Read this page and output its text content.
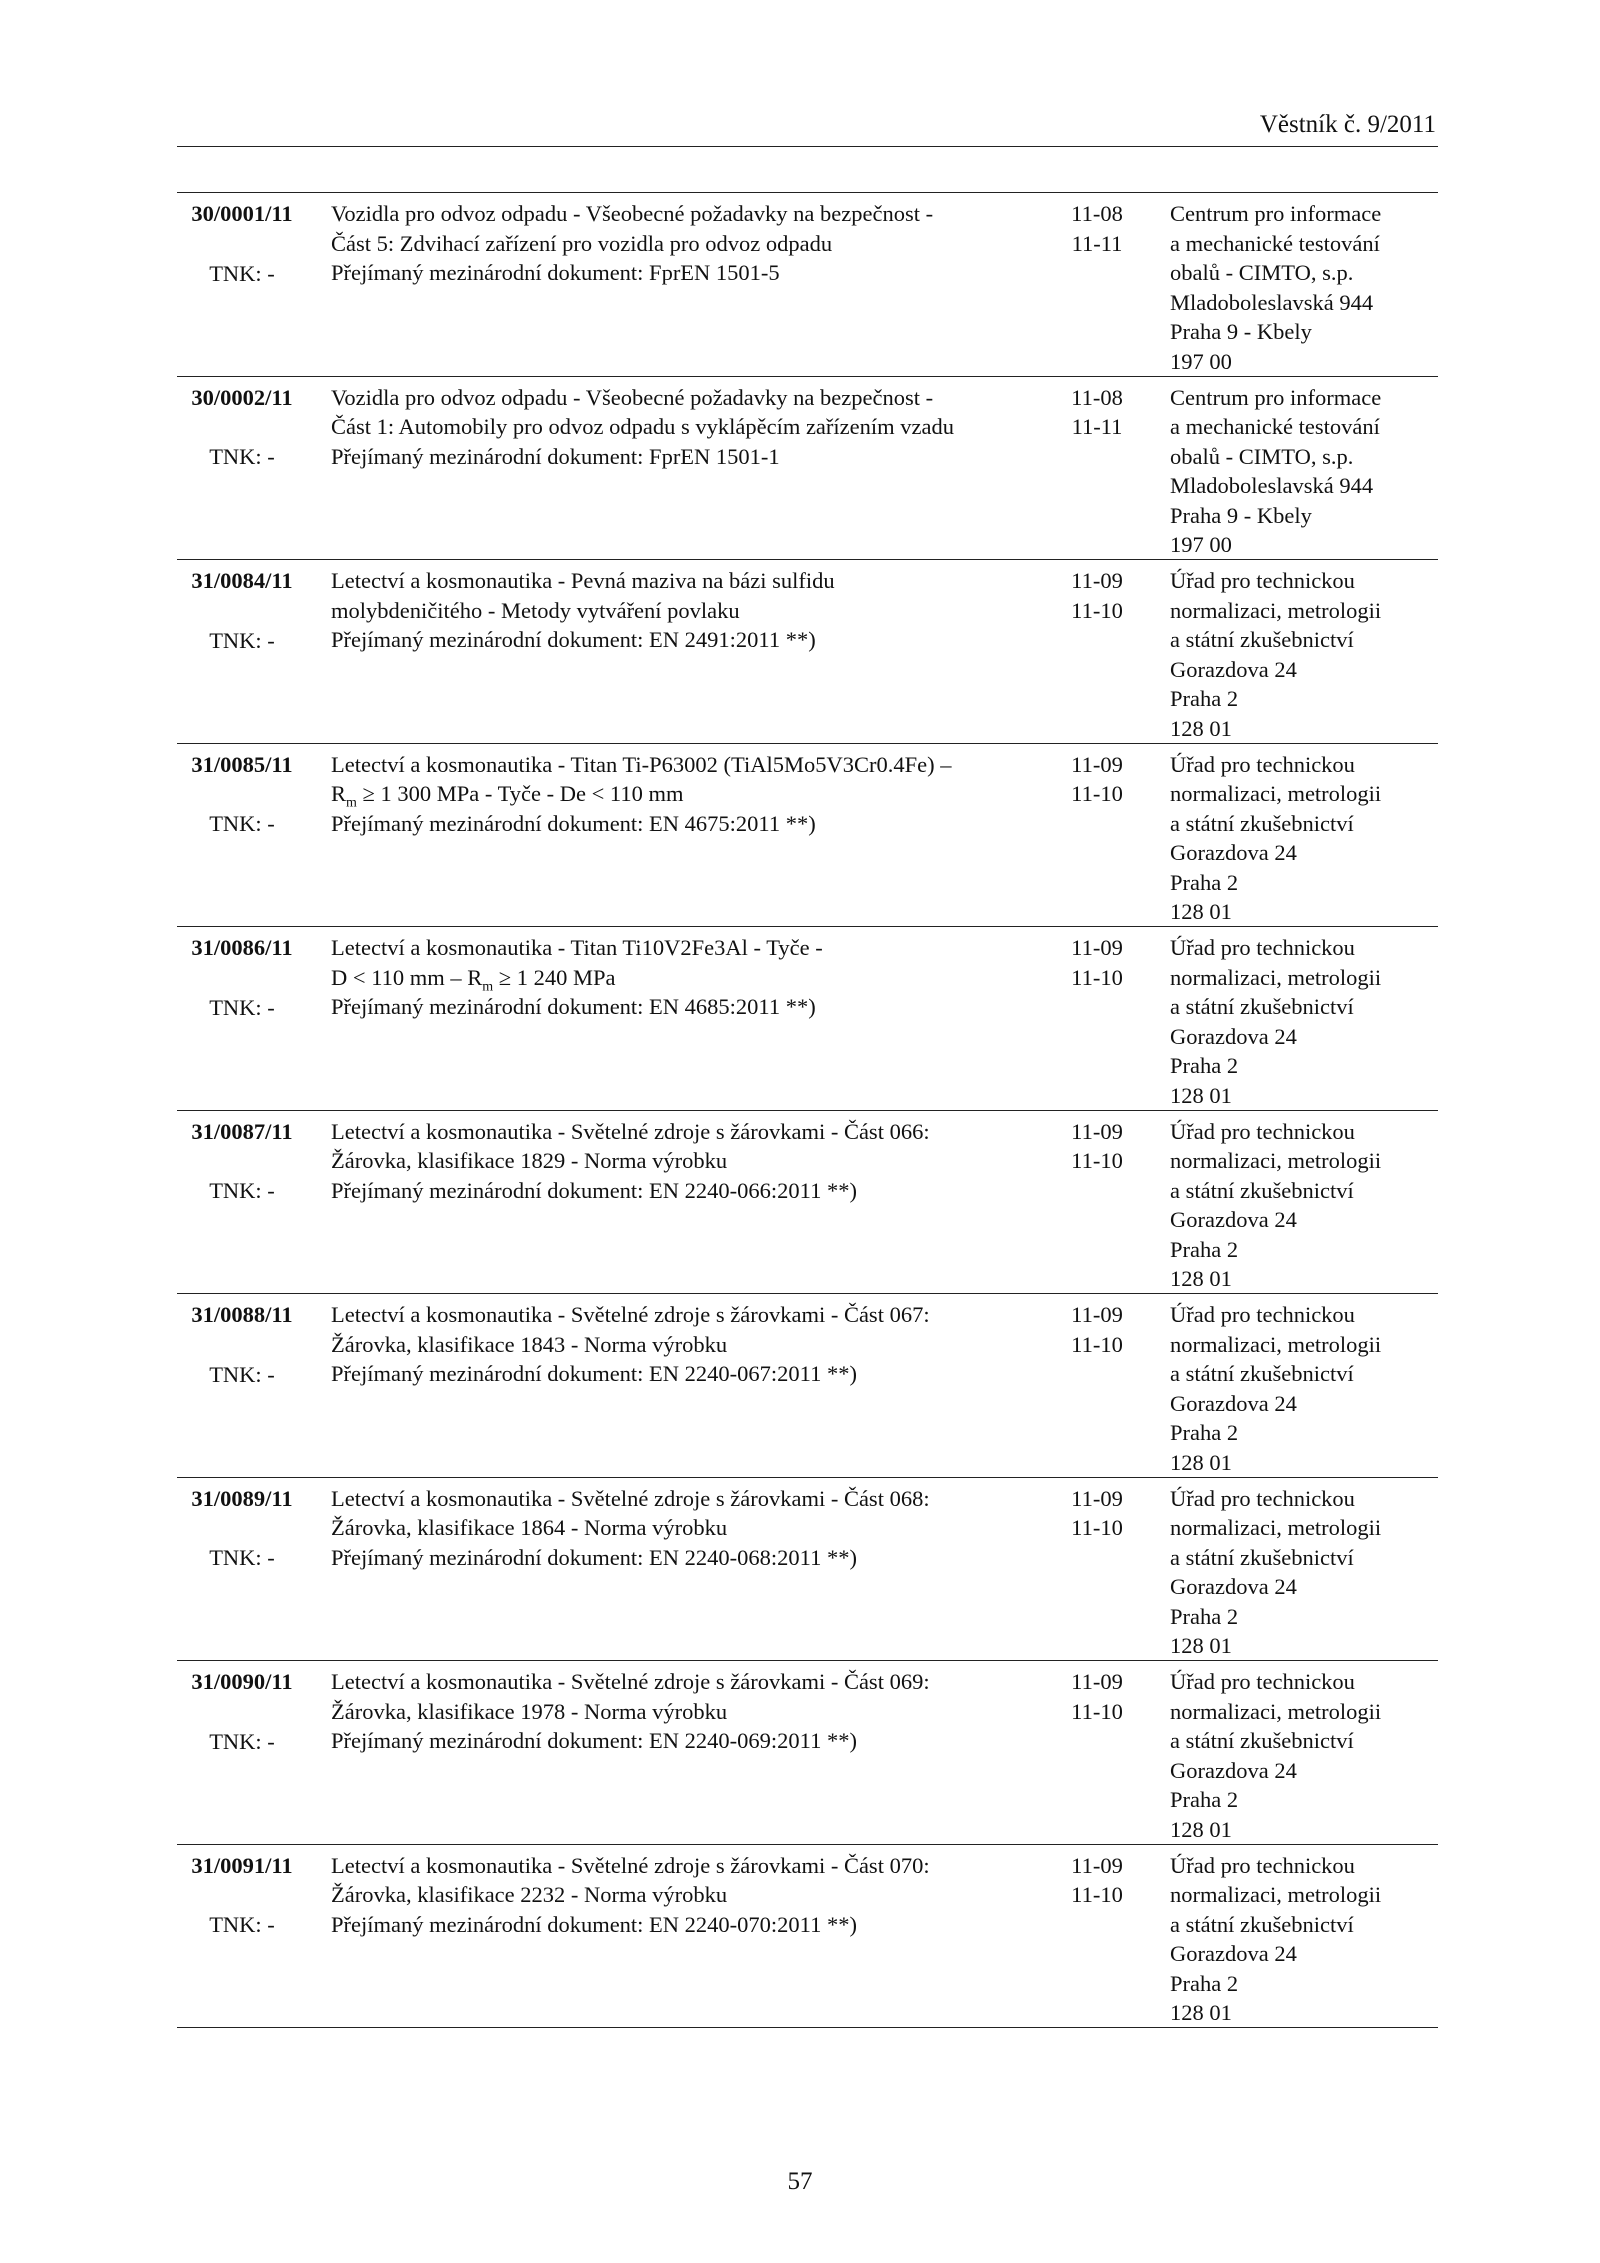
Věstník č. 9/2011
30/0001/11
TNK: -
Vozidla pro odvoz odpadu - Všeobecné požadavky na bezpečnost -
Část 5: Zdvihací zařízení pro vozidla pro odvoz odpadu
Přejímaný mezinárodní dokument: FprEN 1501-5
11-08
11-11
Centrum pro informace
a mechanické testování
obalů - CIMTO, s.p.
Mladoboleslavská 944
Praha 9 - Kbely
197 00
30/0002/11
TNK: -
Vozidla pro odvoz odpadu - Všeobecné požadavky na bezpečnost -
Část 1: Automobily pro odvoz odpadu s vyklápěcím zařízením vzadu
Přejímaný mezinárodní dokument: FprEN 1501-1
11-08
11-11
Centrum pro informace
a mechanické testování
obalů - CIMTO, s.p.
Mladoboleslavská 944
Praha 9 - Kbely
197 00
31/0084/11
TNK: -
Letectví a kosmonautika - Pevná maziva na bázi sulfidu
molybdeničitého - Metody vytváření povlaku
Přejímaný mezinárodní dokument: EN 2491:2011 **)
11-09
11-10
Úřad pro technickou
normalizaci, metrologii
a státní zkušebnictví
Gorazdova 24
Praha 2
128 01
31/0085/11
TNK: -
Letectví a kosmonautika - Titan Ti-P63002 (TiAl5Mo5V3Cr0.4Fe) –
$R_m \ge 1$ 300 MPa - Tyče - De < 110 mm
Přejímaný mezinárodní dokument: EN 4675:2011 **)
11-09
11-10
Úřad pro technickou
normalizaci, metrologii
a státní zkušebnictví
Gorazdova 24
Praha 2
128 01
31/0086/11
TNK: -
Letectví a kosmonautika - Titan Ti10V2Fe3Al - Tyče -
D < 110 mm – $R_m \ge 1$ 240 MPa
Přejímaný mezinárodní dokument: EN 4685:2011 **)
11-09
11-10
Úřad pro technickou
normalizaci, metrologii
a státní zkušebnictví
Gorazdova 24
Praha 2
128 01
31/0087/11
TNK: -
Letectví a kosmonautika - Světelné zdroje s žárovkami - Část 066:
Žárovka, klasifikace 1829 - Norma výrobku
Přejímaný mezinárodní dokument: EN 2240-066:2011 **)
11-09
11-10
Úřad pro technickou
normalizaci, metrologii
a státní zkušebnictví
Gorazdova 24
Praha 2
128 01
31/0088/11
TNK: -
Letectví a kosmonautika - Světelné zdroje s žárovkami - Část 067:
Žárovka, klasifikace 1843 - Norma výrobku
Přejímaný mezinárodní dokument: EN 2240-067:2011 **)
11-09
11-10
Úřad pro technickou
normalizaci, metrologii
a státní zkušebnictví
Gorazdova 24
Praha 2
128 01
31/0089/11
TNK: -
Letectví a kosmonautika - Světelné zdroje s žárovkami - Část 068:
Žárovka, klasifikace 1864 - Norma výrobku
Přejímaný mezinárodní dokument: EN 2240-068:2011 **)
11-09
11-10
Úřad pro technickou
normalizaci, metrologii
a státní zkušebnictví
Gorazdova 24
Praha 2
128 01
31/0090/11
TNK: -
Letectví a kosmonautika - Světelné zdroje s žárovkami - Část 069:
Žárovka, klasifikace 1978 - Norma výrobku
Přejímaný mezinárodní dokument: EN 2240-069:2011 **)
11-09
11-10
Úřad pro technickou
normalizaci, metrologii
a státní zkušebnictví
Gorazdova 24
Praha 2
128 01
31/0091/11
TNK: -
Letectví a kosmonautika - Světelné zdroje s žárovkami - Část 070:
Žárovka, klasifikace 2232 - Norma výrobku
Přejímaný mezinárodní dokument: EN 2240-070:2011 **)
11-09
11-10
Úřad pro technickou
normalizaci, metrologii
a státní zkušebnictví
Gorazdova 24
Praha 2
128 01
57
